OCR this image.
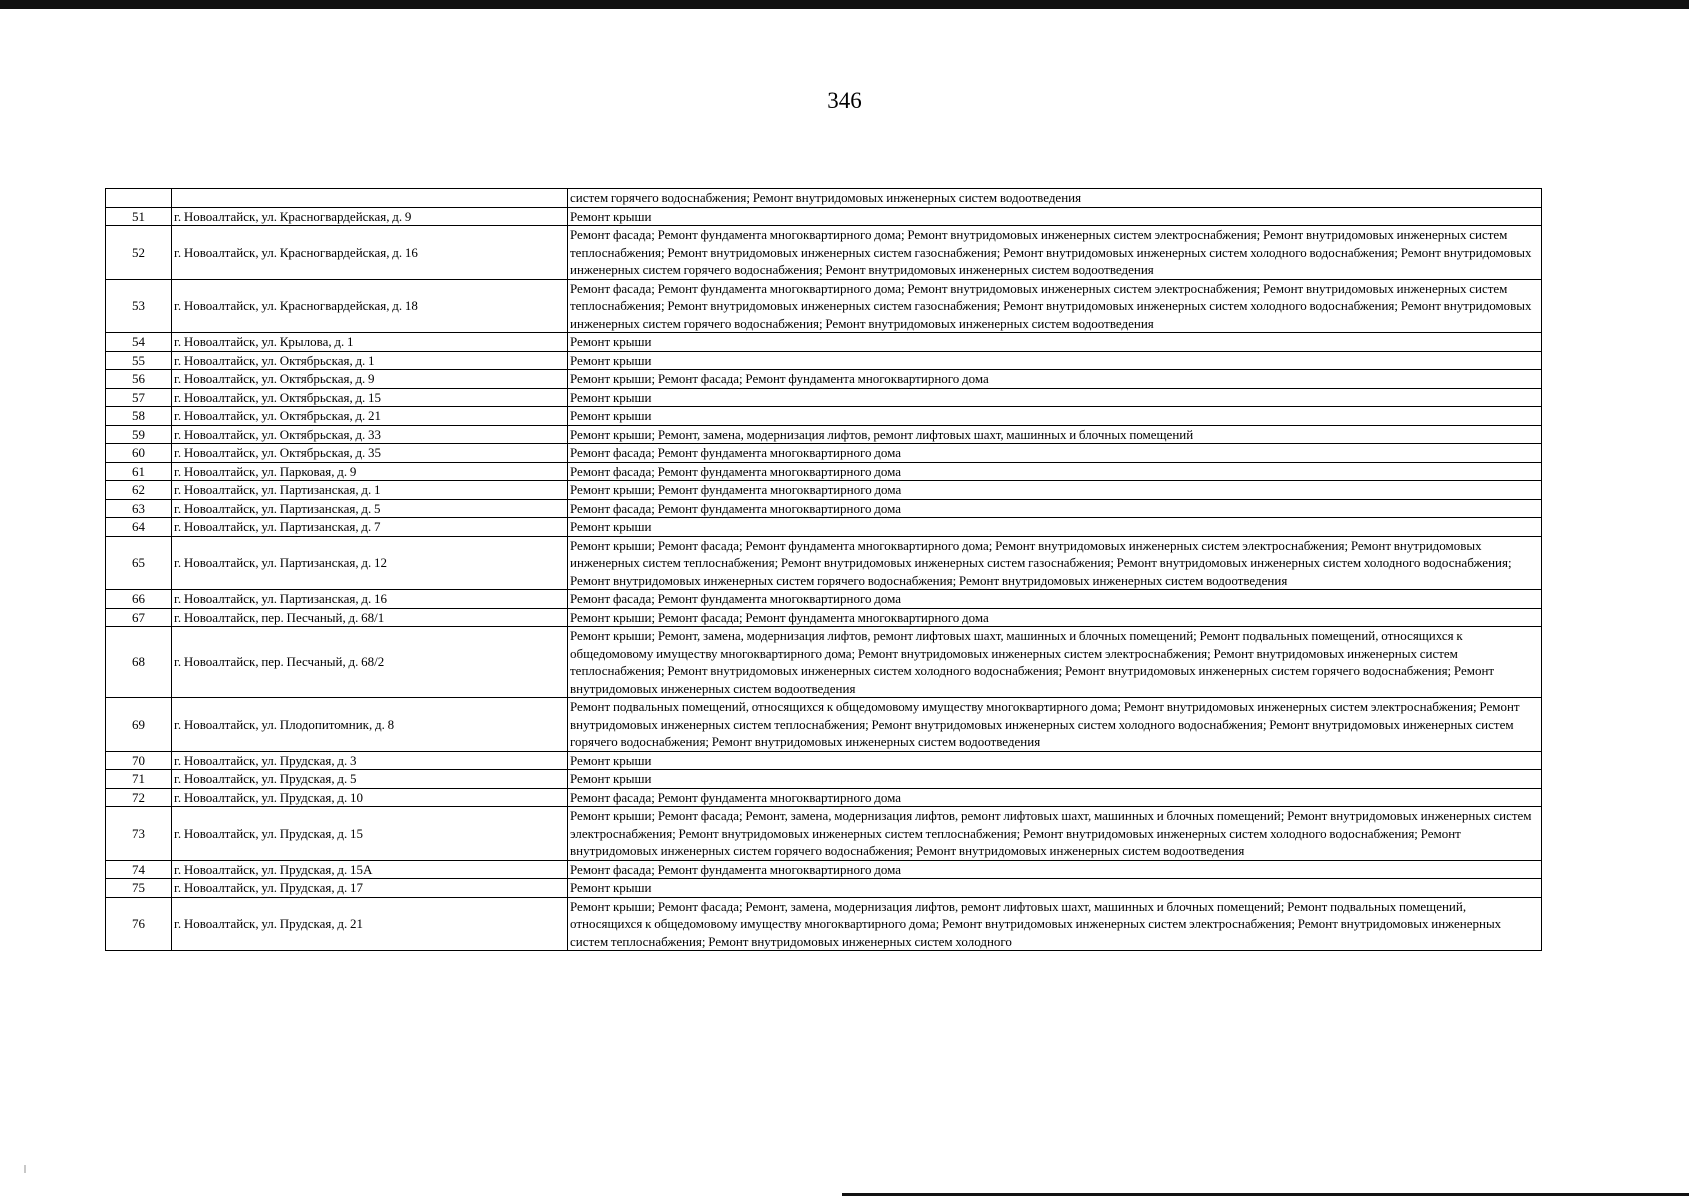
346
		систем горячего водоснабжения; Ремонт внутридомовых инженерных систем водоотведения
51	г. Новоалтайск, ул. Красногвардейская, д. 9	Ремонт крыши
52	г. Новоалтайск, ул. Красногвардейская, д. 16	Ремонт фасада; Ремонт фундамента многоквартирного дома; Ремонт внутридомовых инженерных систем электроснабжения; Ремонт внутридомовых инженерных систем теплоснабжения; Ремонт внутридомовых инженерных систем газоснабжения; Ремонт внутридомовых инженерных систем холодного водоснабжения; Ремонт внутридомовых инженерных систем горячего водоснабжения; Ремонт внутридомовых инженерных систем водоотведения
53	г. Новоалтайск, ул. Красногвардейская, д. 18	Ремонт фасада; Ремонт фундамента многоквартирного дома; Ремонт внутридомовых инженерных систем электроснабжения; Ремонт внутридомовых инженерных систем теплоснабжения; Ремонт внутридомовых инженерных систем газоснабжения; Ремонт внутридомовых инженерных систем холодного водоснабжения; Ремонт внутридомовых инженерных систем горячего водоснабжения; Ремонт внутридомовых инженерных систем водоотведения
54	г. Новоалтайск, ул. Крылова, д. 1	Ремонт крыши
55	г. Новоалтайск, ул. Октябрьская, д. 1	Ремонт крыши
56	г. Новоалтайск, ул. Октябрьская, д. 9	Ремонт крыши; Ремонт фасада; Ремонт фундамента многоквартирного дома
57	г. Новоалтайск, ул. Октябрьская, д. 15	Ремонт крыши
58	г. Новоалтайск, ул. Октябрьская, д. 21	Ремонт крыши
59	г. Новоалтайск, ул. Октябрьская, д. 33	Ремонт крыши; Ремонт, замена, модернизация лифтов, ремонт лифтовых шахт, машинных и блочных помещений
60	г. Новоалтайск, ул. Октябрьская, д. 35	Ремонт фасада; Ремонт фундамента многоквартирного дома
61	г. Новоалтайск, ул. Парковая, д. 9	Ремонт фасада; Ремонт фундамента многоквартирного дома
62	г. Новоалтайск, ул. Партизанская, д. 1	Ремонт крыши; Ремонт фундамента многоквартирного дома
63	г. Новоалтайск, ул. Партизанская, д. 5	Ремонт фасада; Ремонт фундамента многоквартирного дома
64	г. Новоалтайск, ул. Партизанская, д. 7	Ремонт крыши
65	г. Новоалтайск, ул. Партизанская, д. 12	Ремонт крыши; Ремонт фасада; Ремонт фундамента многоквартирного дома; Ремонт внутридомовых инженерных систем электроснабжения; Ремонт внутридомовых инженерных систем теплоснабжения; Ремонт внутридомовых инженерных систем газоснабжения; Ремонт внутридомовых инженерных систем холодного водоснабжения; Ремонт внутридомовых инженерных систем горячего водоснабжения; Ремонт внутридомовых инженерных систем водоотведения
66	г. Новоалтайск, ул. Партизанская, д. 16	Ремонт фасада; Ремонт фундамента многоквартирного дома
67	г. Новоалтайск, пер. Песчаный, д. 68/1	Ремонт крыши; Ремонт фасада; Ремонт фундамента многоквартирного дома
68	г. Новоалтайск, пер. Песчаный, д. 68/2	Ремонт крыши; Ремонт, замена, модернизация лифтов, ремонт лифтовых шахт, машинных и блочных помещений; Ремонт подвальных помещений, относящихся к общедомовому имуществу многоквартирного дома; Ремонт внутридомовых инженерных систем электроснабжения; Ремонт внутридомовых инженерных систем теплоснабжения; Ремонт внутридомовых инженерных систем холодного водоснабжения; Ремонт внутридомовых инженерных систем горячего водоснабжения; Ремонт внутридомовых инженерных систем водоотведения
69	г. Новоалтайск, ул. Плодопитомник, д. 8	Ремонт подвальных помещений, относящихся к общедомовому имуществу многоквартирного дома; Ремонт внутридомовых инженерных систем электроснабжения; Ремонт внутридомовых инженерных систем теплоснабжения; Ремонт внутридомовых инженерных систем холодного водоснабжения; Ремонт внутридомовых инженерных систем горячего водоснабжения; Ремонт внутридомовых инженерных систем водоотведения
70	г. Новоалтайск, ул. Прудская, д. 3	Ремонт крыши
71	г. Новоалтайск, ул. Прудская, д. 5	Ремонт крыши
72	г. Новоалтайск, ул. Прудская, д. 10	Ремонт фасада; Ремонт фундамента многоквартирного дома
73	г. Новоалтайск, ул. Прудская, д. 15	Ремонт крыши; Ремонт фасада; Ремонт, замена, модернизация лифтов, ремонт лифтовых шахт, машинных и блочных помещений; Ремонт внутридомовых инженерных систем электроснабжения; Ремонт внутридомовых инженерных систем теплоснабжения; Ремонт внутридомовых инженерных систем холодного водоснабжения; Ремонт внутридомовых инженерных систем горячего водоснабжения; Ремонт внутридомовых инженерных систем водоотведения
74	г. Новоалтайск, ул. Прудская, д. 15А	Ремонт фасада; Ремонт фундамента многоквартирного дома
75	г. Новоалтайск, ул. Прудская, д. 17	Ремонт крыши
76	г. Новоалтайск, ул. Прудская, д. 21	Ремонт крыши; Ремонт фасада; Ремонт, замена, модернизация лифтов, ремонт лифтовых шахт, машинных и блочных помещений; Ремонт подвальных помещений, относящихся к общедомовому имуществу многоквартирного дома; Ремонт внутридомовых инженерных систем электроснабжения; Ремонт внутридомовых инженерных систем теплоснабжения; Ремонт внутридомовых инженерных систем холодного
